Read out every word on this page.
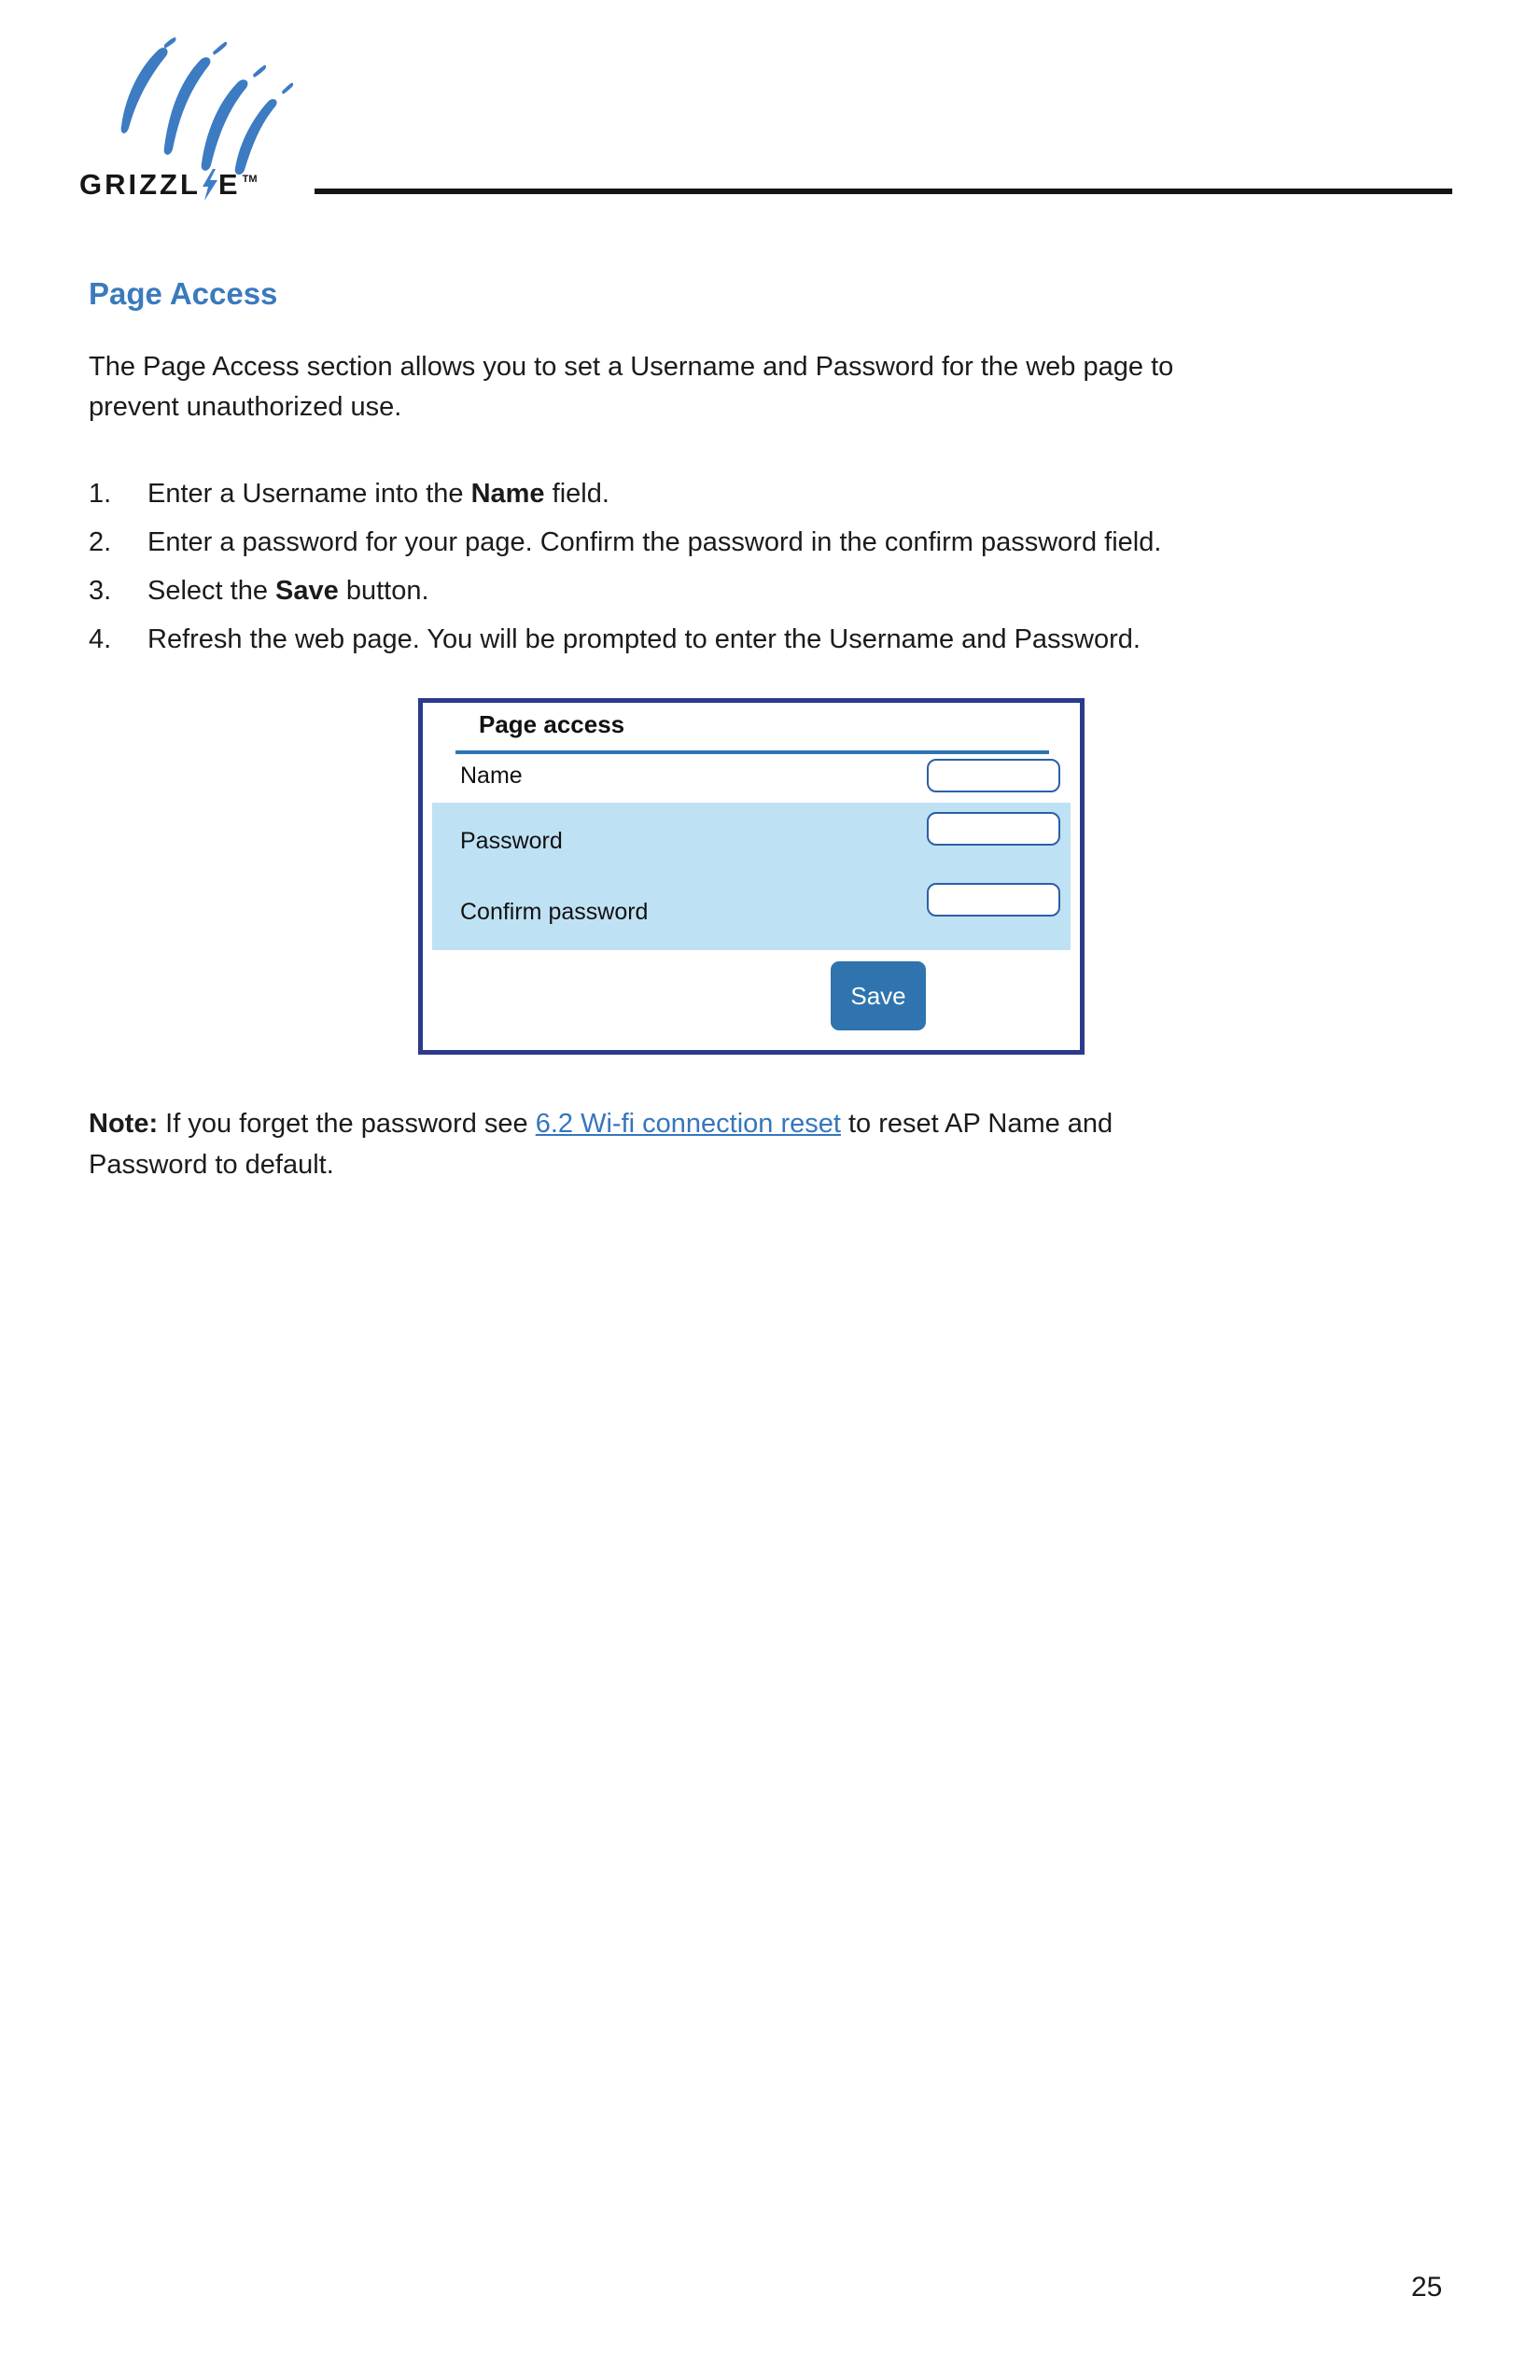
GRIZZL E TM
Page Access
The Page Access section allows you to set a Username and Password for the web page to
prevent unauthorized use.
1.	Enter a Username into the Name field.
2.	Enter a password for your page. Confirm the password in the confirm password field.
3.	Select the Save button.
4.	Refresh the web page. You will be prompted to enter the Username and Password.
Page access
Name
Password
Confirm password
Save
Note: If you forget the password see 6.2 Wi-fi connection reset to reset AP Name and
Password to default.
25
